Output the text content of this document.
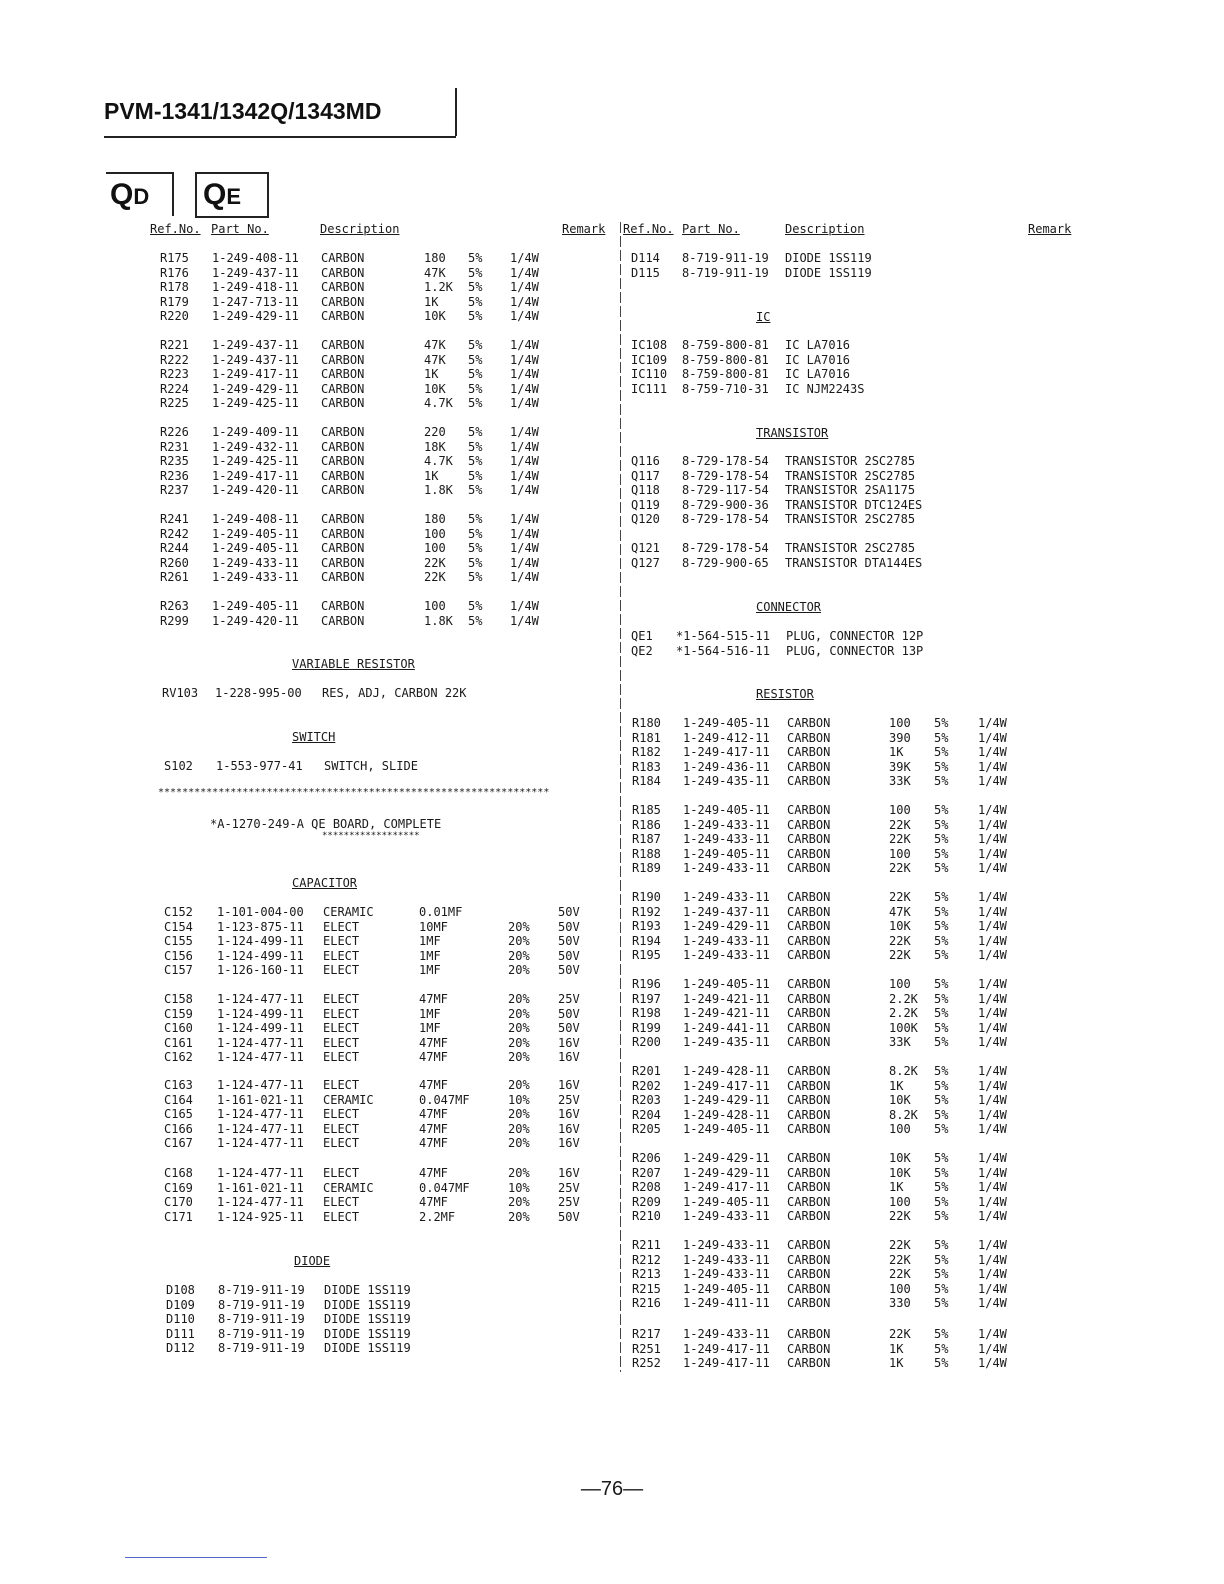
PVM-1341/1342Q/1343MD
QD	QE
Ref.No. Part No.	Description	Remark Ref.No. Part No.	Description	Remark
VARIABLE RESISTOR
RV103 1-228-995-00 RES, ADJ, CARBON 22K
SWITCH
S102 1-553-977-41 SWITCH, SLIDE
*****************************************************************
*A-1270-249-A QE BOARD, COMPLETE
******************
CAPACITOR
DIODE
IC
TRANSISTOR
CONNECTOR
RESISTOR
R175 1-249-408-11 CARBON	180 5% 1/4W
R176 1-249-437-11 CARBON	47K 5% 1/4W
R178 1-249-418-11 CARBON	1.2K 5% 1/4W
R179 1-247-713-11 CARBON	1K 5% 1/4W
R220 1-249-429-11 CARBON	10K 5% 1/4W
R221 1-249-437-11 CARBON	47K 5% 1/4W
R222 1-249-437-11 CARBON	47K 5% 1/4W
R223 1-249-417-11 CARBON	1K 5% 1/4W
R224 1-249-429-11 CARBON	10K 5% 1/4W
R225 1-249-425-11 CARBON	4.7K 5% 1/4W
R226 1-249-409-11 CARBON	220 5% 1/4W
R231 1-249-432-11 CARBON	18K 5% 1/4W
R235 1-249-425-11 CARBON	4.7K 5% 1/4W
R236 1-249-417-11 CARBON	1K 5% 1/4W
R237 1-249-420-11 CARBON	1.8K 5% 1/4W
R241 1-249-408-11 CARBON	180 5% 1/4W
R242 1-249-405-11 CARBON	100 5% 1/4W
R244 1-249-405-11 CARBON	100 5% 1/4W
R260 1-249-433-11 CARBON	22K 5% 1/4W
R261 1-249-433-11 CARBON	22K 5% 1/4W
R263 1-249-405-11 CARBON	100 5% 1/4W
R299 1-249-420-11 CARBON	1.8K 5% 1/4W
C152 1-101-004-00 CERAMIC	0.01MF	50V
C154 1-123-875-11 ELECT	10MF	20% 50V
C155 1-124-499-11 ELECT	1MF	20% 50V
C156 1-124-499-11 ELECT	1MF	20% 50V
C157 1-126-160-11 ELECT	1MF	20% 50V
C158 1-124-477-11 ELECT	47MF	20% 25V
C159 1-124-499-11 ELECT	1MF	20% 50V
C160 1-124-499-11 ELECT	1MF	20% 50V
C161 1-124-477-11 ELECT	47MF	20% 16V
C162 1-124-477-11 ELECT	47MF	20% 16V
C163 1-124-477-11 ELECT	47MF	20% 16V
C164 1-161-021-11 CERAMIC	0.047MF	10% 25V
C165 1-124-477-11 ELECT	47MF	20% 16V
C166 1-124-477-11 ELECT	47MF	20% 16V
C167 1-124-477-11 ELECT	47MF	20% 16V
C168 1-124-477-11 ELECT	47MF	20% 16V
C169 1-161-021-11 CERAMIC	0.047MF	10% 25V
C170 1-124-477-11 ELECT	47MF	20% 25V
C171 1-124-925-11 ELECT	2.2MF	20% 50V
D108 8-719-911-19 DIODE 1SS119
D109 8-719-911-19 DIODE 1SS119
D110 8-719-911-19 DIODE 1SS119
D111 8-719-911-19 DIODE 1SS119
D112 8-719-911-19 DIODE 1SS119
D114 8-719-911-19 DIODE 1SS119
D115 8-719-911-19 DIODE 1SS119
IC108 8-759-800-81 IC LA7016
IC109 8-759-800-81 IC LA7016
IC110 8-759-800-81 IC LA7016
IC111 8-759-710-31 IC NJM2243S
Q116 8-729-178-54 TRANSISTOR 2SC2785
Q117 8-729-178-54 TRANSISTOR 2SC2785
Q118 8-729-117-54 TRANSISTOR 2SA1175
Q119 8-729-900-36 TRANSISTOR DTC124ES
Q120 8-729-178-54 TRANSISTOR 2SC2785
Q121 8-729-178-54 TRANSISTOR 2SC2785
Q127 8-729-900-65 TRANSISTOR DTA144ES
QE1 *1-564-515-11 PLUG, CONNECTOR 12P
QE2 *1-564-516-11 PLUG, CONNECTOR 13P
R180 1-249-405-11 CARBON	100 5% 1/4W
R181 1-249-412-11 CARBON	390 5% 1/4W
R182 1-249-417-11 CARBON	1K	5% 1/4W
R183 1-249-436-11 CARBON	39K 5% 1/4W
R184 1-249-435-11 CARBON	33K 5% 1/4W
R185 1-249-405-11 CARBON	100 5% 1/4W
R186 1-249-433-11 CARBON	22K 5% 1/4W
R187 1-249-433-11 CARBON	22K 5% 1/4W
R188 1-249-405-11 CARBON	100 5% 1/4W
R189 1-249-433-11 CARBON	22K 5% 1/4W
R190 1-249-433-11 CARBON	22K 5% 1/4W
R192 1-249-437-11 CARBON	47K 5% 1/4W
R193 1-249-429-11 CARBON	10K 5% 1/4W
R194 1-249-433-11 CARBON	22K 5% 1/4W
R195 1-249-433-11 CARBON	22K 5% 1/4W
R196 1-249-405-11 CARBON	100 5% 1/4W
R197 1-249-421-11 CARBON	2.2K 5% 1/4W
R198 1-249-421-11 CARBON	2.2K 5% 1/4W
R199 1-249-441-11 CARBON	100K 5% 1/4W
R200 1-249-435-11 CARBON	33K 5% 1/4W
R201 1-249-428-11 CARBON	8.2K 5% 1/4W
R202 1-249-417-11 CARBON	1K	5% 1/4W
R203 1-249-429-11 CARBON	10K 5% 1/4W
R204 1-249-428-11 CARBON	8.2K 5% 1/4W
R205 1-249-405-11 CARBON	100 5% 1/4W
R206 1-249-429-11 CARBON	10K 5% 1/4W
R207 1-249-429-11 CARBON	10K 5% 1/4W
R208 1-249-417-11 CARBON	1K	5% 1/4W
R209 1-249-405-11 CARBON	100 5% 1/4W
R210 1-249-433-11 CARBON	22K 5% 1/4W
R211 1-249-433-11 CARBON	22K 5% 1/4W
R212 1-249-433-11 CARBON	22K 5% 1/4W
R213 1-249-433-11 CARBON	22K 5% 1/4W
R215 1-249-405-11 CARBON	100 5% 1/4W
R216 1-249-411-11 CARBON	330 5% 1/4W
R217 1-249-433-11 CARBON	22K 5% 1/4W
R251 1-249-417-11 CARBON	1K	5% 1/4W
R252 1-249-417-11 CARBON	1K	5% 1/4W
—76—
